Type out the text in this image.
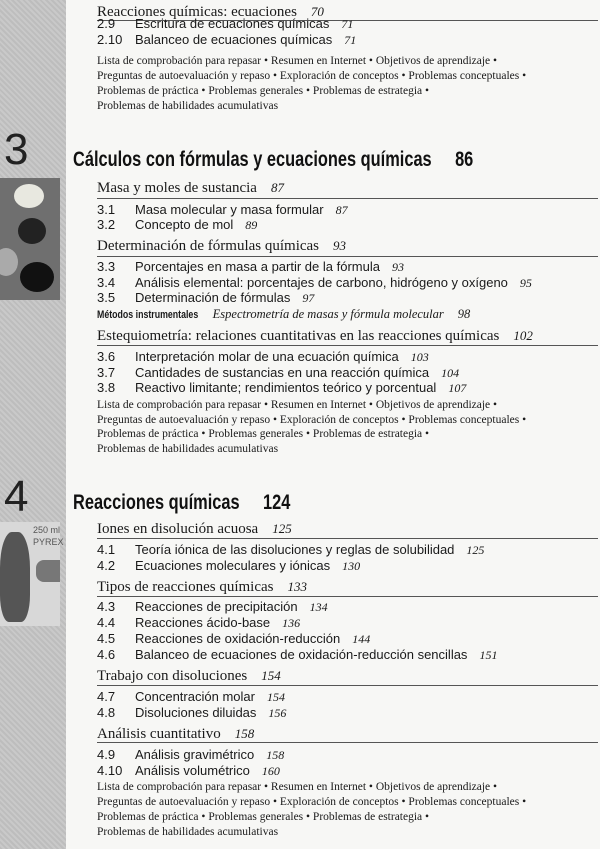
250 ml
PYREX
Reacciones químicas: ecuaciones 70
2.9 Escritura de ecuaciones químicas 71
2.10 Balanceo de ecuaciones químicas 71
Lista de comprobación para repasar • Resumen en Internet • Objetivos de aprendizaje •
Preguntas de autoevaluación y repaso • Exploración de conceptos • Problemas conceptuales •
Problemas de práctica • Problemas generales • Problemas de estrategia •
Problemas de habilidades acumulativas
3 Cálculos con fórmulas y ecuaciones químicas 86
Masa y moles de sustancia 87
3.1 Masa molecular y masa formular 87
3.2 Concepto de mol 89
Determinación de fórmulas químicas 93
3.3 Porcentajes en masa a partir de la fórmula 93
3.4 Análisis elemental: porcentajes de carbono, hidrógeno y oxígeno 95
3.5 Determinación de fórmulas 97
Métodos instrumentales Espectrometría de masas y fórmula molecular 98
Estequiometría: relaciones cuantitativas en las reacciones químicas 102
3.6 Interpretación molar de una ecuación química 103
3.7 Cantidades de sustancias en una reacción química 104
3.8 Reactivo limitante; rendimientos teórico y porcentual 107
Lista de comprobación para repasar • Resumen en Internet • Objetivos de aprendizaje •
Preguntas de autoevaluación y repaso • Exploración de conceptos • Problemas conceptuales •
Problemas de práctica • Problemas generales • Problemas de estrategia •
Problemas de habilidades acumulativas
4 Reacciones químicas 124
Iones en disolución acuosa 125
4.1 Teoría iónica de las disoluciones y reglas de solubilidad 125
4.2 Ecuaciones moleculares y iónicas 130
Tipos de reacciones químicas 133
4.3 Reacciones de precipitación 134
4.4 Reacciones ácido-base 136
4.5 Reacciones de oxidación-reducción 144
4.6 Balanceo de ecuaciones de oxidación-reducción sencillas 151
Trabajo con disoluciones 154
4.7 Concentración molar 154
4.8 Disoluciones diluidas 156
Análisis cuantitativo 158
4.9 Análisis gravimétrico 158
4.10 Análisis volumétrico 160
Lista de comprobación para repasar • Resumen en Internet • Objetivos de aprendizaje •
Preguntas de autoevaluación y repaso • Exploración de conceptos • Problemas conceptuales •
Problemas de práctica • Problemas generales • Problemas de estrategia •
Problemas de habilidades acumulativas
